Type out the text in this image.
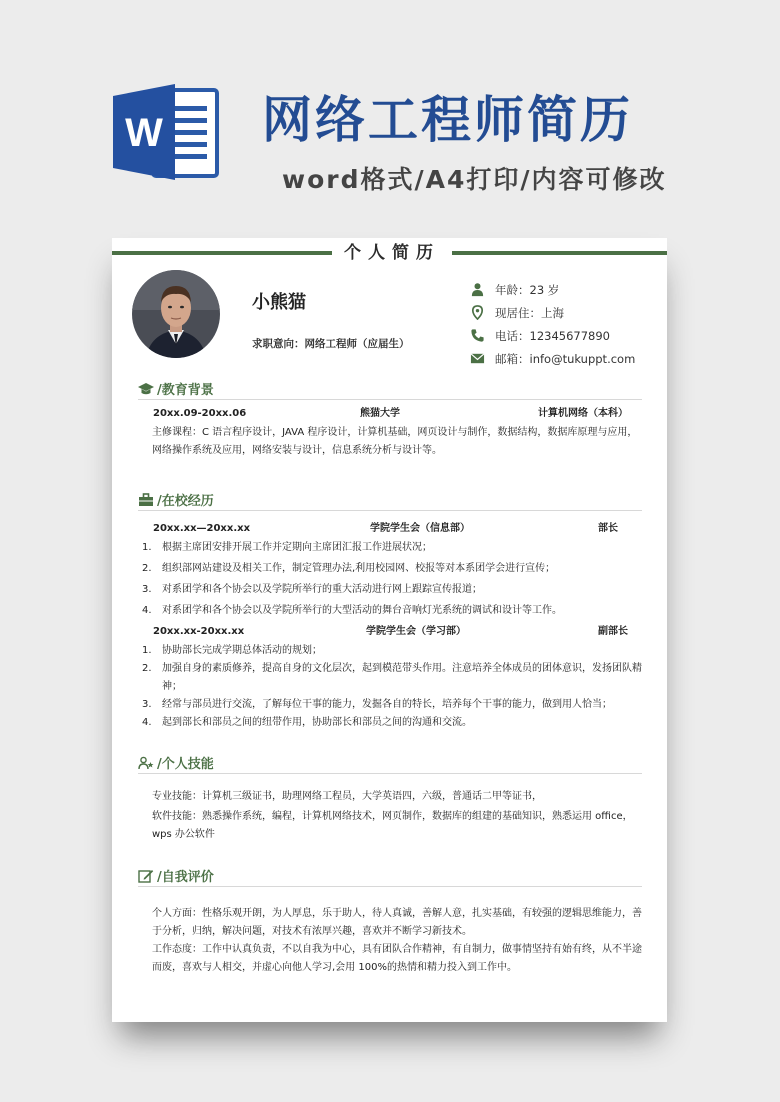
W 网络工程师简历
word格式/A4打印/内容可修改
个人简历
小熊猫
求职意向：网络工程师（应届生）
年龄：23 岁
现居住：上海
电话：12345677890
邮箱：info@tukuppt.com
/教育背景
20xx.09-20xx.06	熊猫大学	计算机网络（本科）
主修课程：C 语言程序设计，JAVA 程序设计，计算机基础，网页设计与制作，数据结构，数据库原理与应用，网络操作系统及应用，网络安装与设计，信息系统分析与设计等。
/在校经历
20xx.xx—20xx.xx	学院学生会（信息部）	部长
1. 根据主席团安排开展工作并定期向主席团汇报工作进展状况；
2. 组织部网站建设及相关工作，制定管理办法,利用校园网、校报等对本系团学会进行宣传；
3. 对系团学和各个协会以及学院所举行的重大活动进行网上跟踪宣传报道；
4. 对系团学和各个协会以及学院所举行的大型活动的舞台音响灯光系统的调试和设计等工作。
20xx.xx-20xx.xx	学院学生会（学习部）	副部长
1. 协助部长完成学期总体活动的规划；
2. 加强自身的素质修养，提高自身的文化层次，起到模范带头作用。注意培养全体成员的团体意识，发扬团队精神；
3. 经常与部员进行交流，了解每位干事的能力，发掘各自的特长，培养每个干事的能力，做到用人恰当；
4. 起到部长和部员之间的纽带作用，协助部长和部员之间的沟通和交流。
/个人技能
专业技能：计算机三级证书，助理网络工程员，大学英语四，六级，普通话二甲等证书，
软件技能：熟悉操作系统，编程，计算机网络技术，网页制作，数据库的组建的基础知识，熟悉运用 office，wps 办公软件
/自我评价
个人方面：性格乐观开朗，为人厚息，乐于助人，待人真诚，善解人意，扎实基础，有较强的逻辑思维能力，善于分析，归纳，解决问题，对技术有浓厚兴趣，喜欢并不断学习新技术。
工作态度：工作中认真负责，不以自我为中心，具有团队合作精神，有自制力，做事情坚持有始有终，从不半途而废，喜欢与人相交，并虚心向他人学习,会用 100%的热情和精力投入到工作中。
